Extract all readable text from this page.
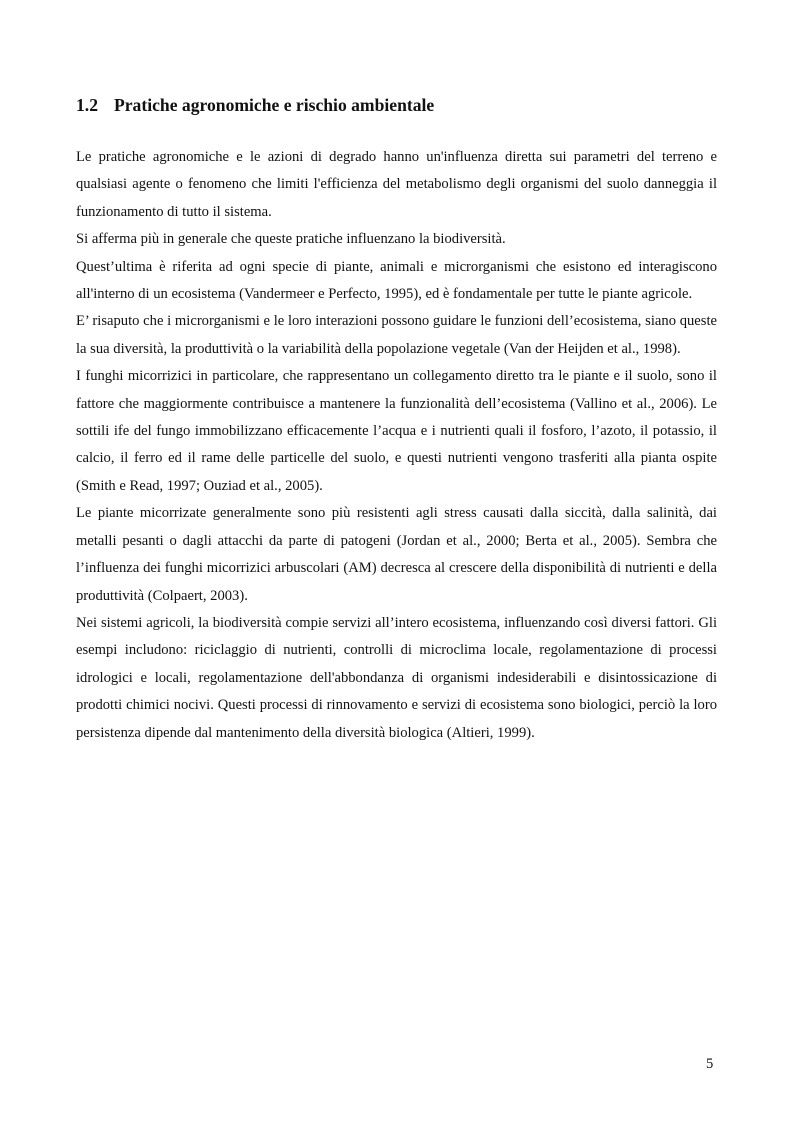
1.2 Pratiche agronomiche e rischio ambientale

Le pratiche agronomiche e le azioni di degrado hanno un'influenza diretta sui parametri del terreno e qualsiasi agente o fenomeno che limiti l'efficienza del metabolismo degli organismi del suolo danneggia il funzionamento di tutto il sistema.

Si afferma più in generale che queste pratiche influenzano la biodiversità.

Quest’ultima è riferita ad ogni specie di piante, animali e microrganismi che esistono ed interagiscono all'interno di un ecosistema (Vandermeer e Perfecto, 1995), ed è fondamentale per tutte le piante agricole.

E’ risaputo che i microrganismi e le loro interazioni possono guidare le funzioni dell’ecosistema, siano queste la sua diversità, la produttività o la variabilità della popolazione vegetale (Van der Heijden et al., 1998).

I funghi micorrizici in particolare, che rappresentano un collegamento diretto tra le piante e il suolo, sono il fattore che maggiormente contribuisce a mantenere la funzionalità dell’ecosistema (Vallino et al., 2006). Le sottili ife del fungo immobilizzano efficacemente l’acqua e i nutrienti quali il fosforo, l’azoto, il potassio, il calcio, il ferro ed il rame delle particelle del suolo, e questi nutrienti vengono trasferiti alla pianta ospite (Smith e Read, 1997; Ouziad et al., 2005).

Le piante micorrizate generalmente sono più resistenti agli stress causati dalla siccità, dalla salinità, dai metalli pesanti o dagli attacchi da parte di patogeni (Jordan et al., 2000; Berta et al., 2005). Sembra che l’influenza dei funghi micorrizici arbuscolari (AM) decresca al crescere della disponibilità di nutrienti e della produttività (Colpaert, 2003).

Nei sistemi agricoli, la biodiversità compie servizi all’intero ecosistema, influenzando così diversi fattori. Gli esempi includono: riciclaggio di nutrienti, controlli di microclima locale, regolamentazione di processi idrologici e locali, regolamentazione dell'abbondanza di organismi indesiderabili e disintossicazione di prodotti chimici nocivi. Questi processi di rinnovamento e servizi di ecosistema sono biologici, perciò la loro persistenza dipende dal mantenimento della diversità biologica (Altieri, 1999).

5
